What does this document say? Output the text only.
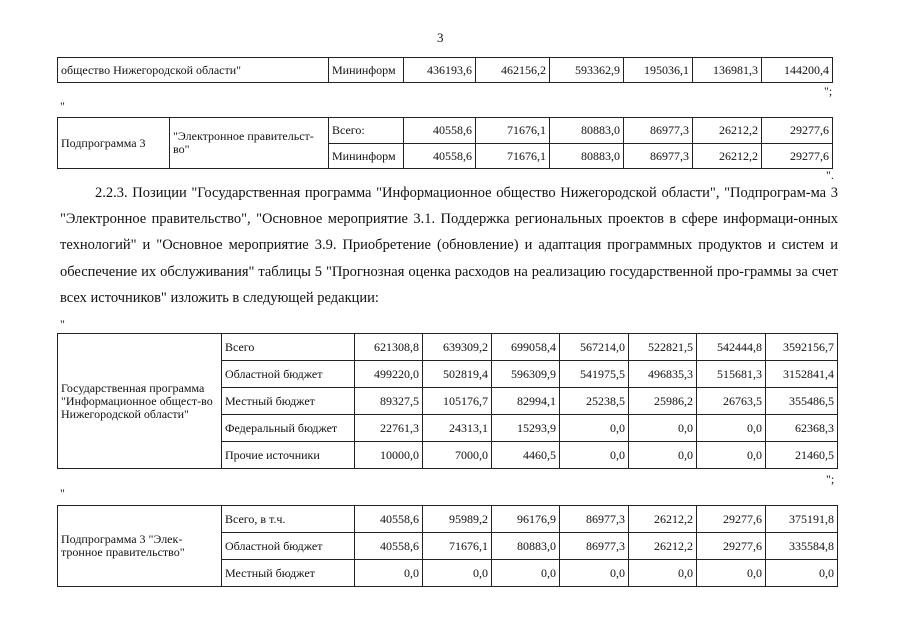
3
общество Нижегородской области"	Мининформ	436193,6	462156,2	593362,9	195036,1	136981,3	144200,4
";
"
Подпрограмма 3	"Электронное правительст-во"	Всего:	40558,6	71676,1	80883,0	86977,3	26212,2	29277,6
		Мининформ	40558,6	71676,1	80883,0	86977,3	26212,2	29277,6
".

2.2.3. Позиции "Государственная программа "Информационное общество Нижегородской области", "Подпрограм-ма 3 "Электронное правительство", "Основное мероприятие 3.1. Поддержка региональных проектов в сфере информаци-онных технологий" и "Основное мероприятие 3.9. Приобретение (обновление) и адаптация программных продуктов и систем и обеспечение их обслуживания" таблицы 5 "Прогнозная оценка расходов на реализацию государственной про-граммы за счет всех источников" изложить в следующей редакции:

"
Государственная программа "Информационное общест-во Нижегородской области"	Всего	621308,8	639309,2	699058,4	567214,0	522821,5	542444,8	3592156,7
	Областной бюджет	499220,0	502819,4	596309,9	541975,5	496835,3	515681,3	3152841,4
	Местный бюджет	89327,5	105176,7	82994,1	25238,5	25986,2	26763,5	355486,5
	Федеральный бюджет	22761,3	24313,1	15293,9	0,0	0,0	0,0	62368,3
	Прочие источники	10000,0	7000,0	4460,5	0,0	0,0	0,0	21460,5
";
"
Подпрограмма 3 "Элек-тронное правительство"	Всего, в т.ч.	40558,6	95989,2	96176,9	86977,3	26212,2	29277,6	375191,8
	Областной бюджет	40558,6	71676,1	80883,0	86977,3	26212,2	29277,6	335584,8
	Местный бюджет	0,0	0,0	0,0	0,0	0,0	0,0	0,0
